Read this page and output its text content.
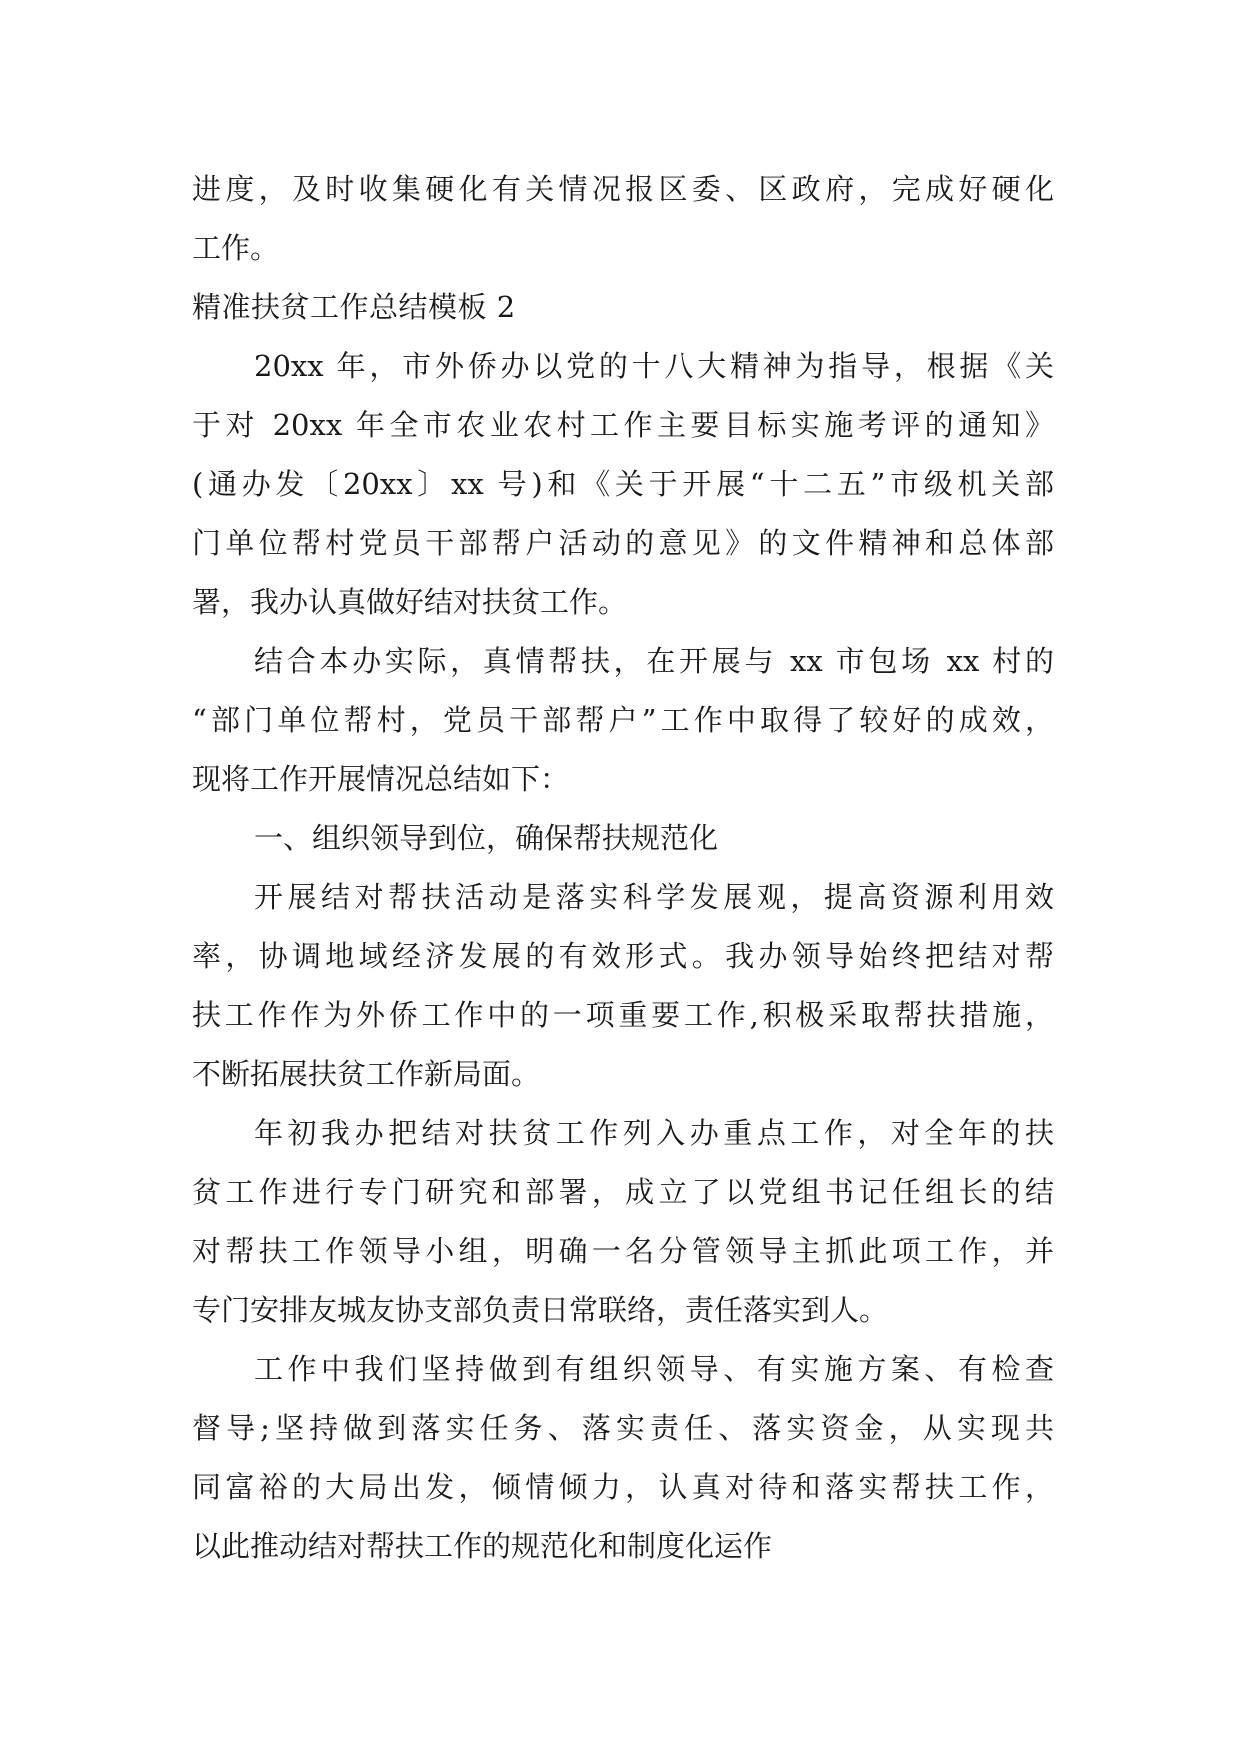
进度，及时收集硬化有关情况报区委、区政府，完成好硬化
工作。
精准扶贫工作总结模板 2
20xx 年，市外侨办以党的十八大精神为指导，根据《关
于对 20xx 年全市农业农村工作主要目标实施考评的通知》
(通办发〔20xx〕xx 号)和《关于开展“十二五”市级机关部
门单位帮村党员干部帮户活动的意见》的文件精神和总体部
署，我办认真做好结对扶贫工作。
结合本办实际，真情帮扶，在开展与 xx 市包场 xx 村的
“部门单位帮村，党员干部帮户”工作中取得了较好的成效，
现将工作开展情况总结如下：
一、组织领导到位，确保帮扶规范化
开展结对帮扶活动是落实科学发展观，提高资源利用效
率，协调地域经济发展的有效形式。我办领导始终把结对帮
扶工作作为外侨工作中的一项重要工作,积极采取帮扶措施，
不断拓展扶贫工作新局面。
年初我办把结对扶贫工作列入办重点工作，对全年的扶
贫工作进行专门研究和部署，成立了以党组书记任组长的结
对帮扶工作领导小组，明确一名分管领导主抓此项工作，并
专门安排友城友协支部负责日常联络，责任落实到人。
工作中我们坚持做到有组织领导、有实施方案、有检查
督导;坚持做到落实任务、落实责任、落实资金，从实现共
同富裕的大局出发，倾情倾力，认真对待和落实帮扶工作，
以此推动结对帮扶工作的规范化和制度化运作
